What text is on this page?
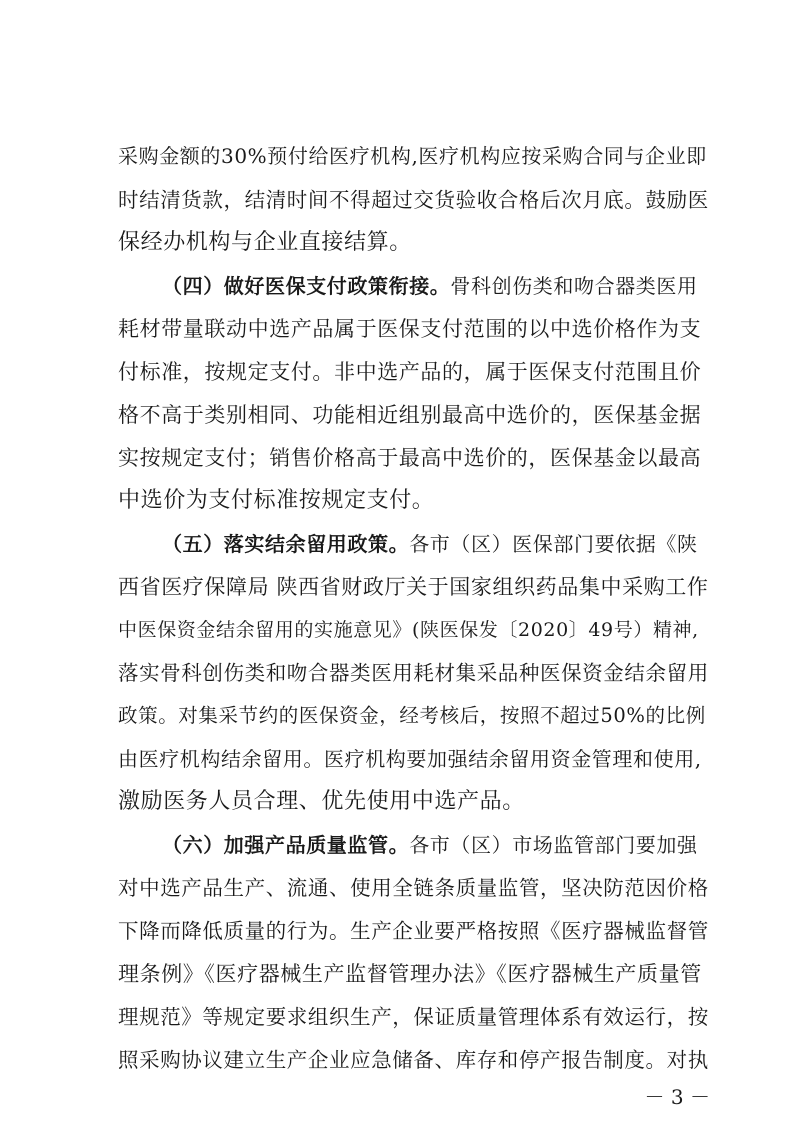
采购金额的30%预付给医疗机构,医疗机构应按采购合同与企业即
时结清货款，结清时间不得超过交货验收合格后次月底。鼓励医
保经办机构与企业直接结算。
（四）做好医保支付政策衔接。骨科创伤类和吻合器类医用
耗材带量联动中选产品属于医保支付范围的以中选价格作为支
付标准，按规定支付。非中选产品的，属于医保支付范围且价
格不高于类别相同、功能相近组别最高中选价的，医保基金据
实按规定支付；销售价格高于最高中选价的，医保基金以最高
中选价为支付标准按规定支付。
（五）落实结余留用政策。各市（区）医保部门要依据《陕
西省医疗保障局 陕西省财政厅关于国家组织药品集中采购工作
中医保资金结余留用的实施意见》(陕医保发〔2020〕49号）精神,
落实骨科创伤类和吻合器类医用耗材集采品种医保资金结余留用
政策。对集采节约的医保资金，经考核后，按照不超过50%的比例
由医疗机构结余留用。医疗机构要加强结余留用资金管理和使用,
激励医务人员合理、优先使用中选产品。
（六）加强产品质量监管。各市（区）市场监管部门要加强
对中选产品生产、流通、使用全链条质量监管，坚决防范因价格
下降而降低质量的行为。生产企业要严格按照《医疗器械监督管
理条例》《医疗器械生产监督管理办法》《医疗器械生产质量管
理规范》等规定要求组织生产，保证质量管理体系有效运行，按
照采购协议建立生产企业应急储备、库存和停产报告制度。对执
－ 3 －
